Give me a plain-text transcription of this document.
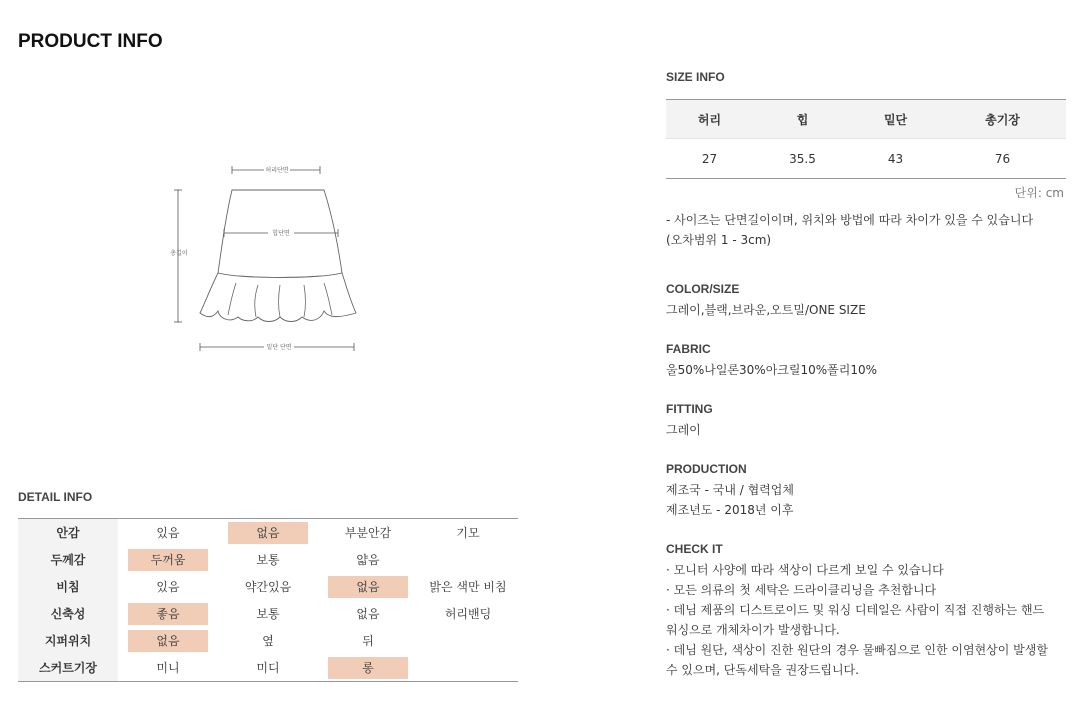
PRODUCT INFO
허리단면
총길이
힙단면
밑단 단면
DETAIL INFO
안감	있음	없음	부분안감	기모
두께감	두꺼움	보통	얇음	
비침	있음	약간있음	없음	밝은 색만 비침
신축성	좋음	보통	없음	허리밴딩
지퍼위치	없음	옆	뒤	
스커트기장	미니	미디	롱	
SIZE INFO
허리	힙	밑단	총기장
27	35.5	43	76
단위: cm
- 사이즈는 단면길이이며, 위치와 방법에 따라 차이가 있을 수 있습니다
(오차범위 1 - 3cm)
COLOR/SIZE
그레이,블랙,브라운,오트밀/ONE SIZE
FABRIC
울50%나일론30%아크릴10%폴리10%
FITTING
그레이
PRODUCTION
제조국 - 국내 / 협력업체
제조년도 - 2018년 이후
CHECK IT
· 모니터 사양에 따라 색상이 다르게 보일 수 있습니다
· 모든 의류의 첫 세탁은 드라이클리닝을 추천합니다
· 데님 제품의 디스트로이드 및 워싱 디테일은 사람이 직접 진행하는 핸드
워싱으로 개체차이가 발생합니다.
· 데님 원단, 색상이 진한 원단의 경우 물빠짐으로 인한 이염현상이 발생할
수 있으며, 단독세탁을 권장드립니다.
